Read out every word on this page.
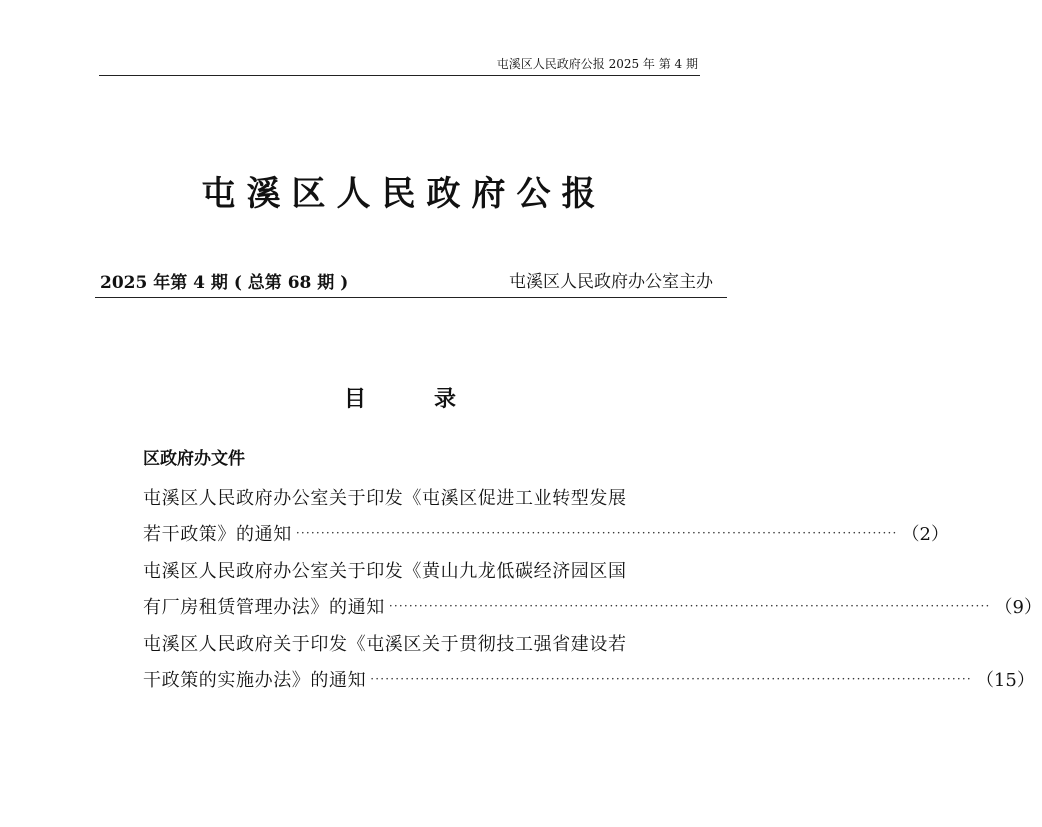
屯溪区人民政府公报 2025 年 第 4 期
屯溪区人民政府公报
2025 年第 4 期 ( 总第 68 期 )	屯溪区人民政府办公室主办
目	录
区政府办文件
屯溪区人民政府办公室关于印发《屯溪区促进工业转型发展
若干政策》的通知 ························································································································ （2）
屯溪区人民政府办公室关于印发《黄山九龙低碳经济园区国
有厂房租赁管理办法》的通知 ························································································································ （9）
屯溪区人民政府关于印发《屯溪区关于贯彻技工强省建设若
干政策的实施办法》的通知 ························································································································ （15）
